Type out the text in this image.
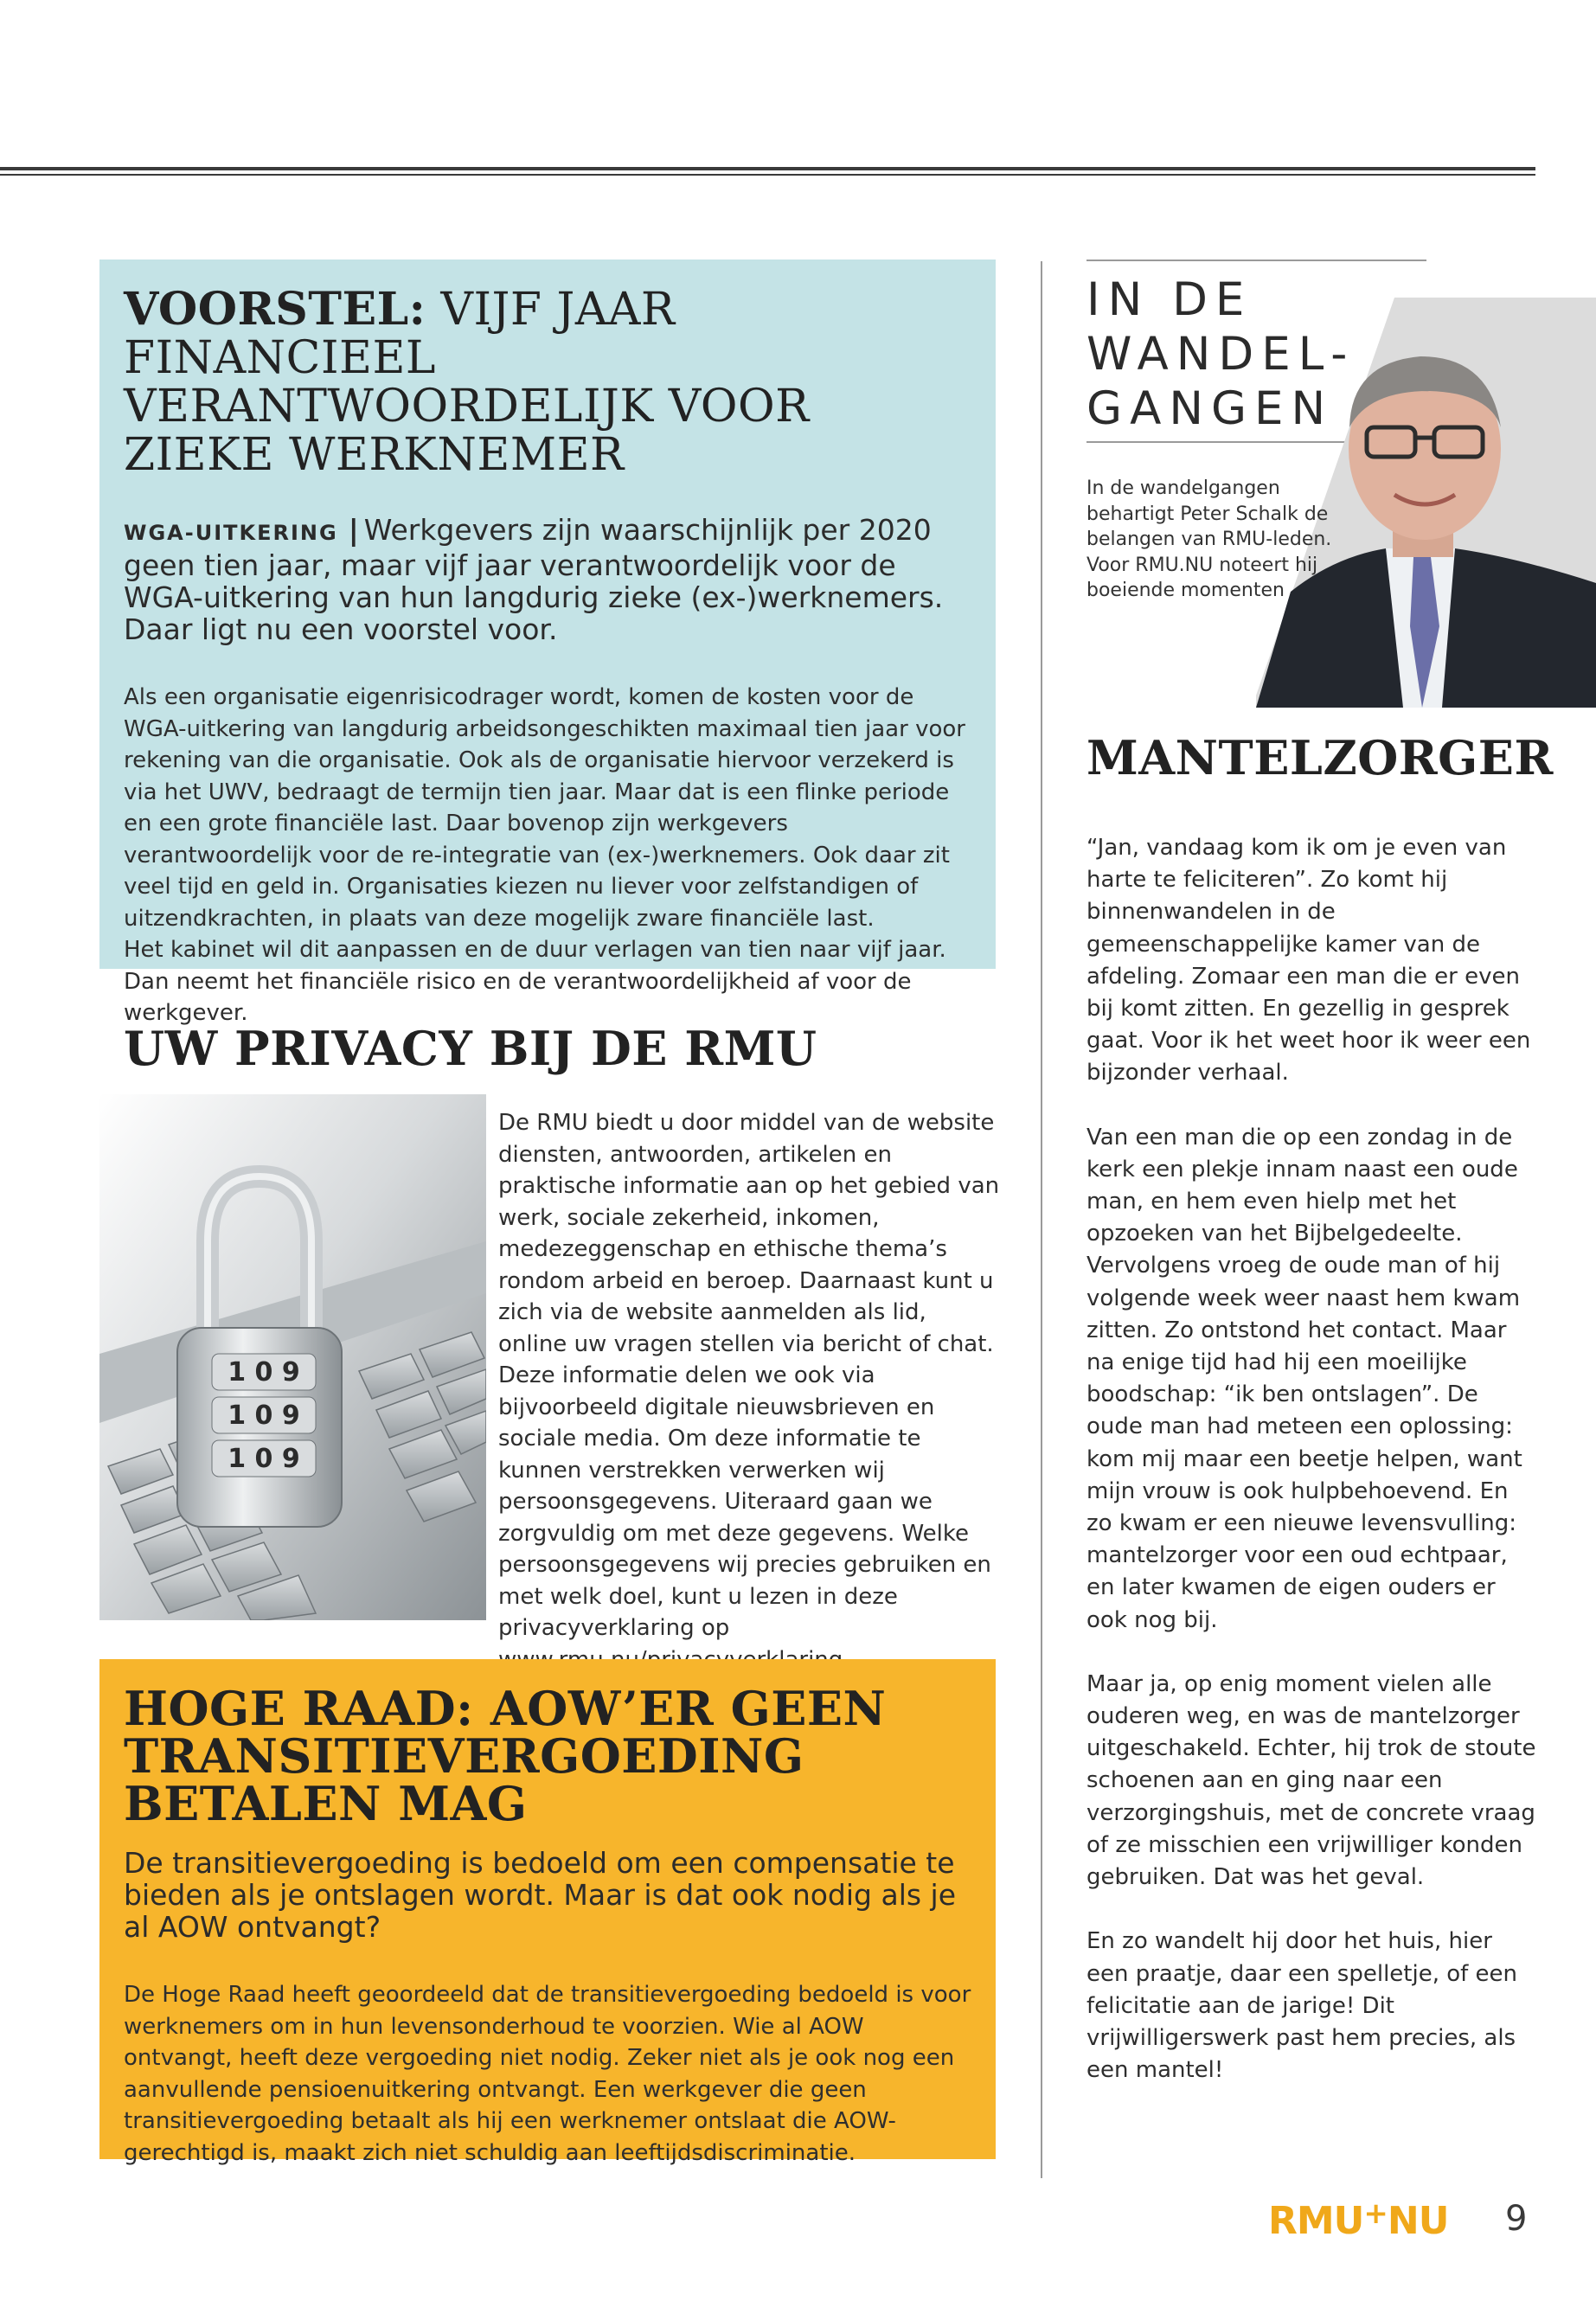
VOORSTEL: VIJF JAAR FINANCIEEL VERANTWOORDELIJK VOOR ZIEKE WERKNEMER

WGA-UITKERING | Werkgevers zijn waarschijnlijk per 2020 geen tien jaar, maar vijf jaar verantwoordelijk voor de WGA-uitkering van hun langdurig zieke (ex-)werknemers. Daar ligt nu een voorstel voor.

Als een organisatie eigenrisicodrager wordt, komen de kosten voor de WGA-uitkering van langdurig arbeidsongeschikten maximaal tien jaar voor rekening van die organisatie. Ook als de organisatie hiervoor verzekerd is via het UWV, bedraagt de termijn tien jaar. Maar dat is een flinke periode en een grote financiële last. Daar bovenop zijn werkgevers verantwoordelijk voor de re-integratie van (ex-)werknemers. Ook daar zit veel tijd en geld in. Organisaties kiezen nu liever voor zelfstandigen of uitzendkrachten, in plaats van deze mogelijk zware financiële last.

Het kabinet wil dit aanpassen en de duur verlagen van tien naar vijf jaar. Dan neemt het financiële risico en de verantwoordelijkheid af voor de werkgever.

UW PRIVACY BIJ DE RMU
1 0 9
1 0 9
1 0 9

De RMU biedt u door middel van de website diensten, antwoorden, artikelen en praktische informatie aan op het gebied van werk, sociale zekerheid, inkomen, medezeggenschap en ethische thema’s rondom arbeid en beroep. Daarnaast kunt u zich via de website aanmelden als lid, online uw vragen stellen via bericht of chat. Deze informatie delen we ook via bijvoorbeeld digitale nieuwsbrieven en sociale media. Om deze informatie te kunnen verstrekken verwerken wij persoonsgegevens. Uiteraard gaan we zorgvuldig om met deze gegevens. Welke persoonsgegevens wij precies gebruiken en met welk doel, kunt u lezen in deze privacyverklaring op

HOGE RAAD: AOW’ER GEEN TRANSITIEVERGOEDING BETALEN MAG

De transitievergoeding is bedoeld om een compensatie te bieden als je ontslagen wordt. Maar is dat ook nodig als je al AOW ontvangt?

De Hoge Raad heeft geoordeeld dat de transitievergoeding bedoeld is voor werknemers om in hun levensonderhoud te voorzien. Wie al AOW ontvangt, heeft deze vergoeding niet nodig. Zeker niet als je ook nog een aanvullende pensioenuitkering ontvangt. Een werkgever die geen transitievergoeding betaalt als hij een werknemer ontslaat die AOW-gerechtigd is, maakt zich niet schuldig aan leeftijdsdiscriminatie.

IN DE
WANDEL-
GANGEN

In de wandelgangen behartigt Peter Schalk de belangen van RMU-leden. Voor RMU.NU noteert hij boeiende momenten

MANTELZORGER

“Jan, vandaag kom ik om je even van harte te feliciteren”. Zo komt hij binnenwandelen in de gemeenschappelijke kamer van de afdeling. Zomaar een man die er even bij komt zitten. En gezellig in gesprek gaat. Voor ik het weet hoor ik weer een bijzonder verhaal.

Van een man die op een zondag in de kerk een plekje innam naast een oude man, en hem even hielp met het opzoeken van het Bijbelgedeelte. Vervolgens vroeg de oude man of hij volgende week weer naast hem kwam zitten. Zo ontstond het contact. Maar na enige tijd had hij een moeilijke boodschap: “ik ben ontslagen”. De oude man had meteen een oplossing: kom mij maar een beetje helpen, want mijn vrouw is ook hulpbehoevend. En zo kwam er een nieuwe levensvulling: mantelzorger voor een oud echtpaar, en later kwamen de eigen ouders er ook nog bij.

Maar ja, op enig moment vielen alle ouderen weg, en was de mantelzorger uitgeschakeld. Echter, hij trok de stoute schoenen aan en ging naar een verzorgingshuis, met de concrete vraag of ze misschien een vrijwilliger konden gebruiken. Dat was het geval.

En zo wandelt hij door het huis, hier een praatje, daar een spelletje, of een felicitatie aan de jarige! Dit vrijwilligerswerk past hem precies, als een mantel!

RMU+NU 9
